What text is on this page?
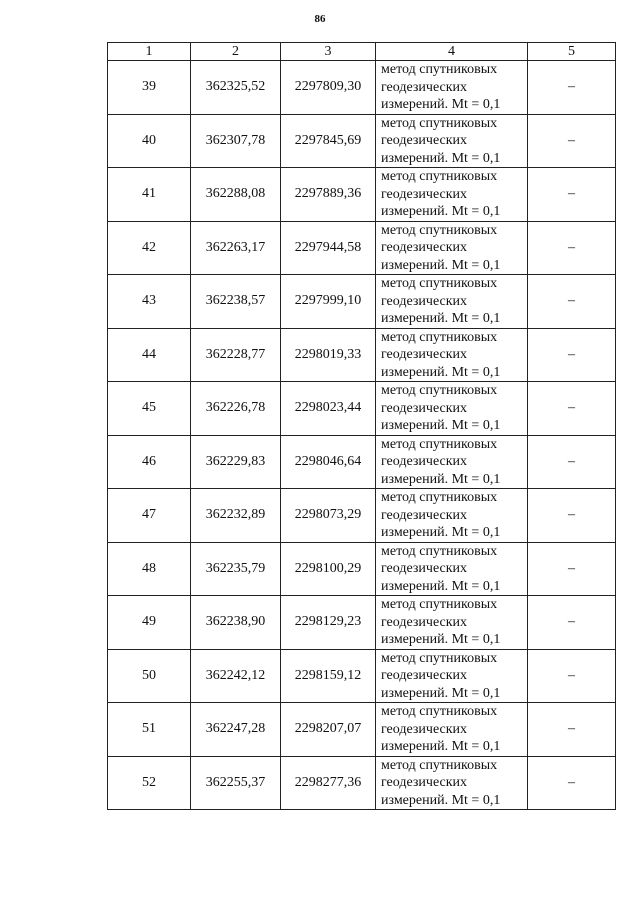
86
1	2	3	4	5
39	362325,52	2297809,30	метод спутниковых
геодезических
измерений. Mt = 0,1	–
40	362307,78	2297845,69	метод спутниковых
геодезических
измерений. Mt = 0,1	–
41	362288,08	2297889,36	метод спутниковых
геодезических
измерений. Mt = 0,1	–
42	362263,17	2297944,58	метод спутниковых
геодезических
измерений. Mt = 0,1	–
43	362238,57	2297999,10	метод спутниковых
геодезических
измерений. Mt = 0,1	–
44	362228,77	2298019,33	метод спутниковых
геодезических
измерений. Mt = 0,1	–
45	362226,78	2298023,44	метод спутниковых
геодезических
измерений. Mt = 0,1	–
46	362229,83	2298046,64	метод спутниковых
геодезических
измерений. Mt = 0,1	–
47	362232,89	2298073,29	метод спутниковых
геодезических
измерений. Mt = 0,1	–
48	362235,79	2298100,29	метод спутниковых
геодезических
измерений. Mt = 0,1	–
49	362238,90	2298129,23	метод спутниковых
геодезических
измерений. Mt = 0,1	–
50	362242,12	2298159,12	метод спутниковых
геодезических
измерений. Mt = 0,1	–
51	362247,28	2298207,07	метод спутниковых
геодезических
измерений. Mt = 0,1	–
52	362255,37	2298277,36	метод спутниковых
геодезических
измерений. Mt = 0,1	–
